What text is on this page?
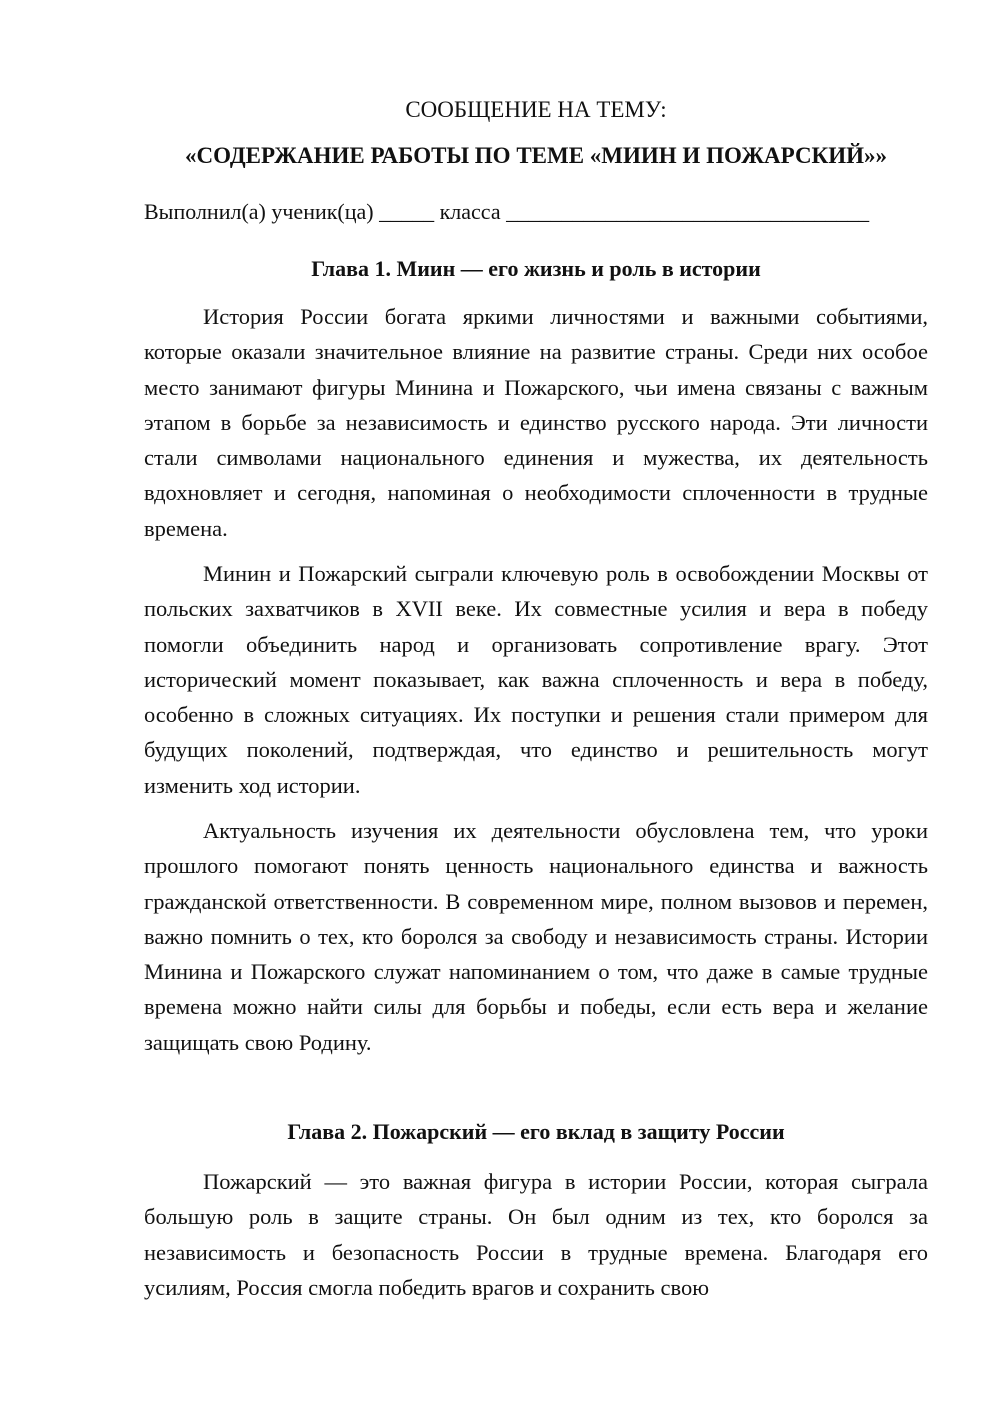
СООБЩЕНИЕ НА ТЕМУ:
«СОДЕРЖАНИЕ РАБОТЫ ПО ТЕМЕ «МИИН И ПОЖАРСКИЙ»»
Выполнил(а) ученик(ца) _____ класса _________________________________
Глава 1. Миин — его жизнь и роль в истории

История России богата яркими личностями и важными событиями, которые оказали значительное влияние на развитие страны. Среди них особое место занимают фигуры Минина и Пожарского, чьи имена связаны с важным этапом в борьбе за независимость и единство русского народа. Эти личности стали символами национального единения и мужества, их деятельность вдохновляет и сегодня, напоминая о необходимости сплоченности в трудные времена.

Минин и Пожарский сыграли ключевую роль в освобождении Москвы от польских захватчиков в XVII веке. Их совместные усилия и вера в победу помогли объединить народ и организовать сопротивление врагу. Этот исторический момент показывает, как важна сплоченность и вера в победу, особенно в сложных ситуациях. Их поступки и решения стали примером для будущих поколений, подтверждая, что единство и решительность могут изменить ход истории.

Актуальность изучения их деятельности обусловлена тем, что уроки прошлого помогают понять ценность национального единства и важность гражданской ответственности. В современном мире, полном вызовов и перемен, важно помнить о тех, кто боролся за свободу и независимость страны. Истории Минина и Пожарского служат напоминанием о том, что даже в самые трудные времена можно найти силы для борьбы и победы, если есть вера и желание защищать свою Родину.

Глава 2. Пожарский — его вклад в защиту России

Пожарский — это важная фигура в истории России, которая сыграла большую роль в защите страны. Он был одним из тех, кто боролся за независимость и безопасность России в трудные времена. Благодаря его усилиям, Россия смогла победить врагов и сохранить свою
